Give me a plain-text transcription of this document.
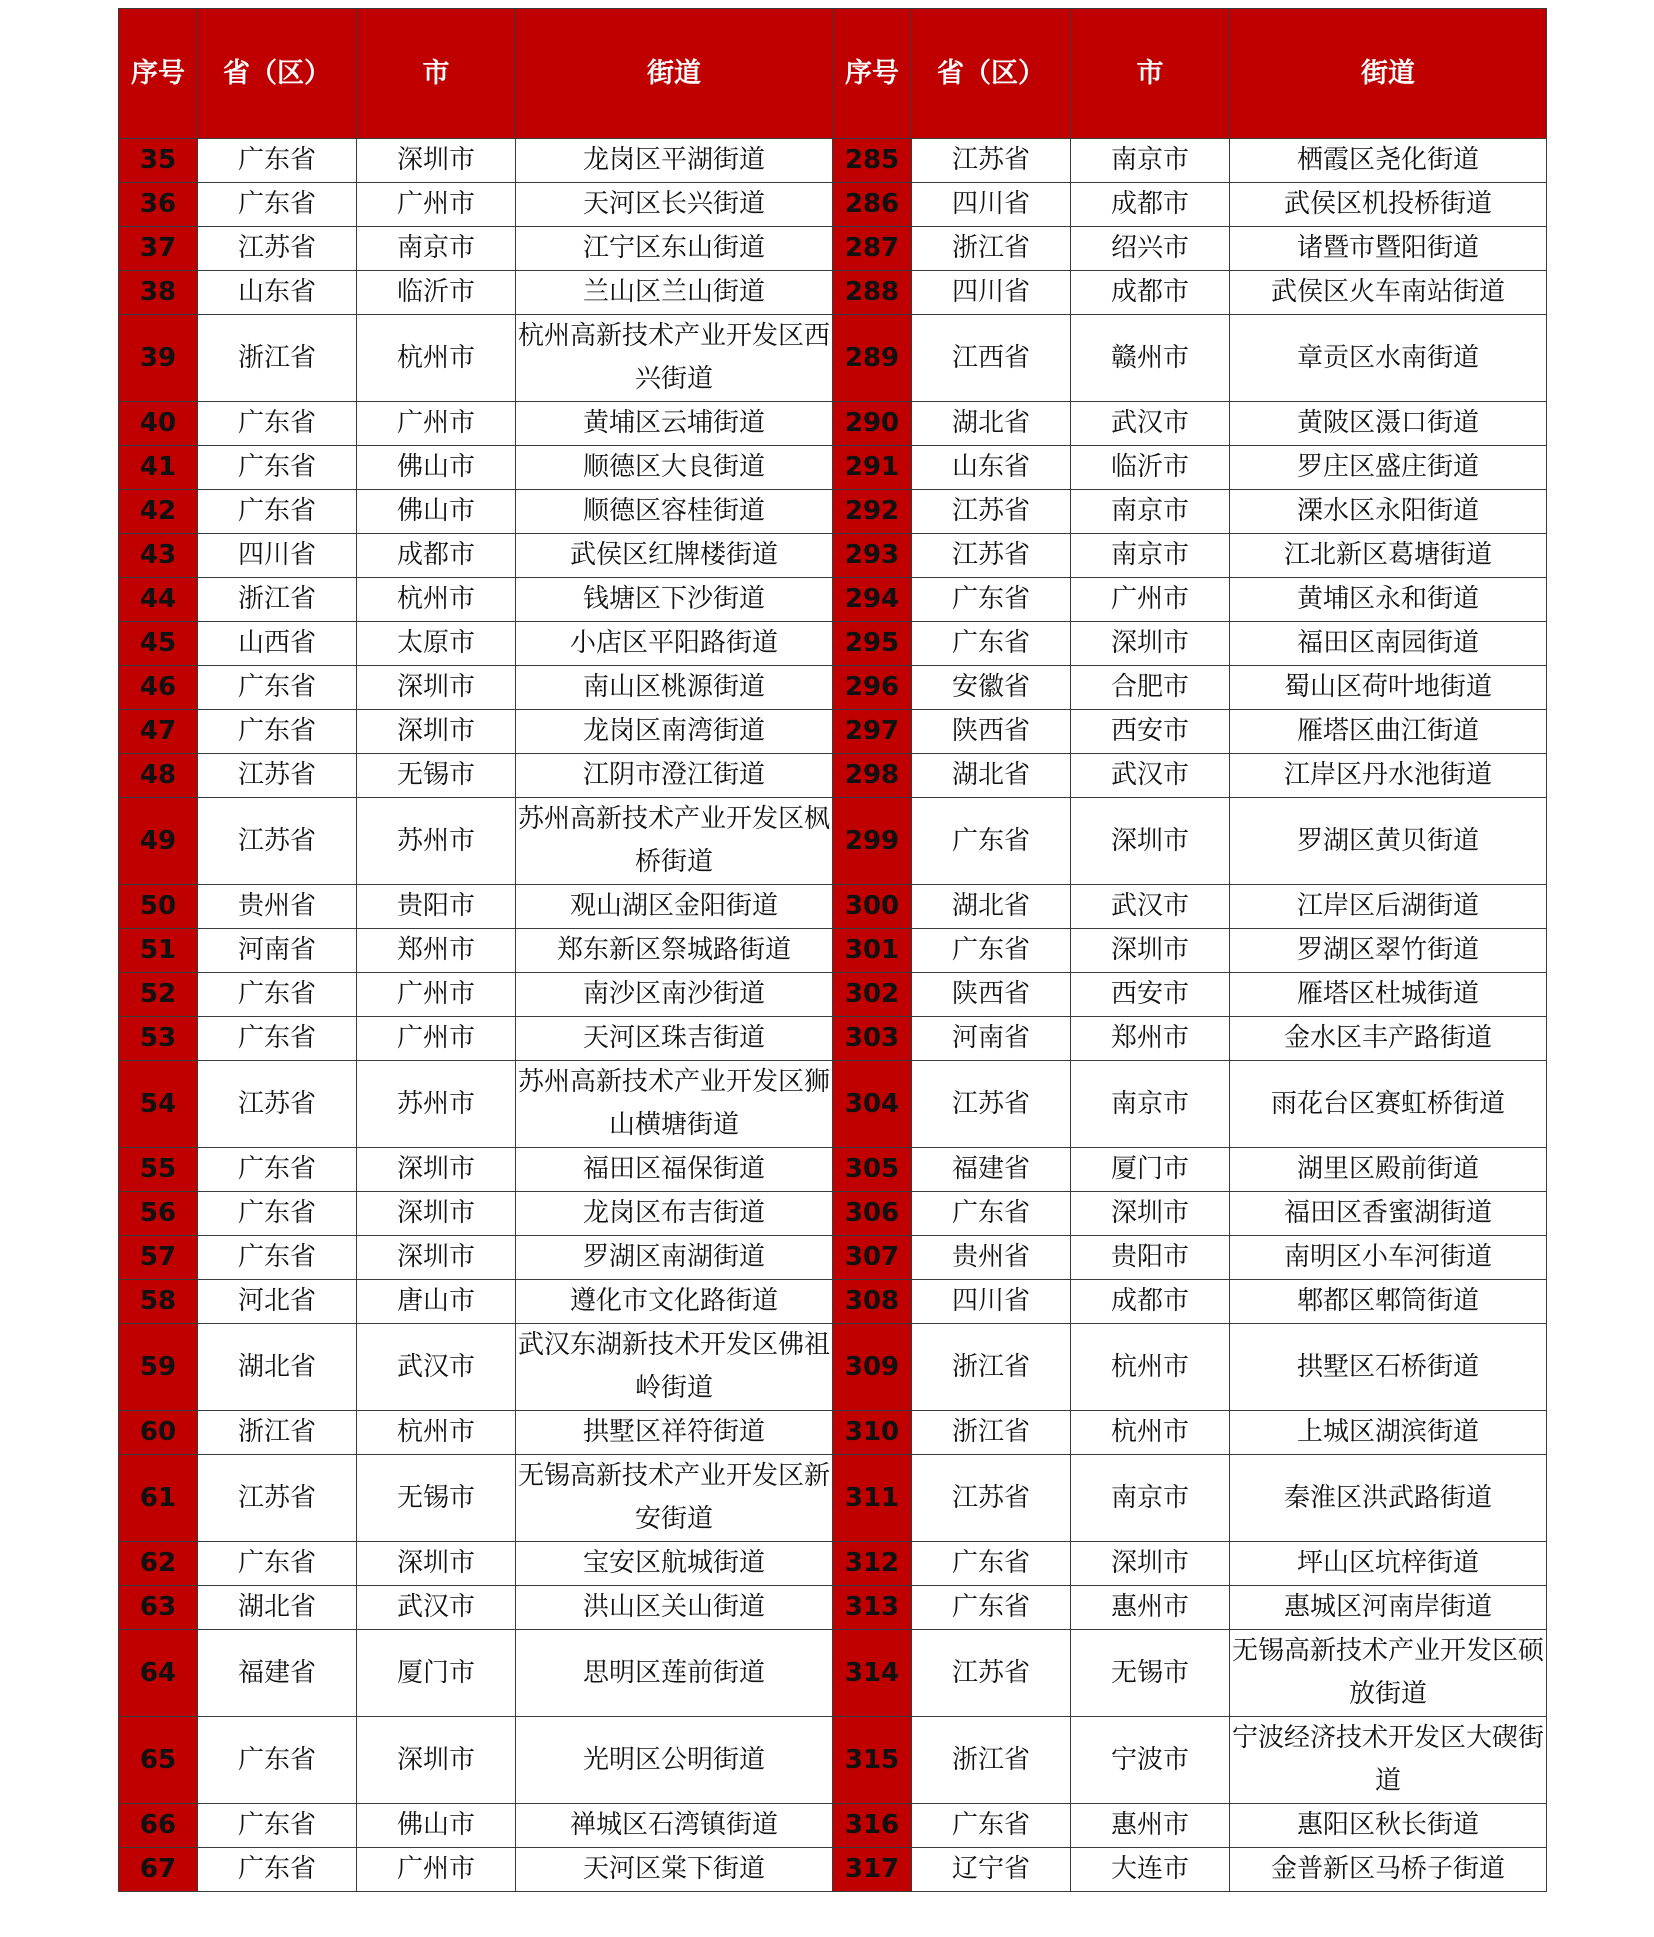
序号	省（区）	市	街道	序号	省（区）	市	街道
35	广东省	深圳市	龙岗区平湖街道	285	江苏省	南京市	栖霞区尧化街道
36	广东省	广州市	天河区长兴街道	286	四川省	成都市	武侯区机投桥街道
37	江苏省	南京市	江宁区东山街道	287	浙江省	绍兴市	诸暨市暨阳街道
38	山东省	临沂市	兰山区兰山街道	288	四川省	成都市	武侯区火车南站街道
39	浙江省	杭州市	杭州高新技术产业开发区西兴街道	289	江西省	赣州市	章贡区水南街道
40	广东省	广州市	黄埔区云埔街道	290	湖北省	武汉市	黄陂区滠口街道
41	广东省	佛山市	顺德区大良街道	291	山东省	临沂市	罗庄区盛庄街道
42	广东省	佛山市	顺德区容桂街道	292	江苏省	南京市	溧水区永阳街道
43	四川省	成都市	武侯区红牌楼街道	293	江苏省	南京市	江北新区葛塘街道
44	浙江省	杭州市	钱塘区下沙街道	294	广东省	广州市	黄埔区永和街道
45	山西省	太原市	小店区平阳路街道	295	广东省	深圳市	福田区南园街道
46	广东省	深圳市	南山区桃源街道	296	安徽省	合肥市	蜀山区荷叶地街道
47	广东省	深圳市	龙岗区南湾街道	297	陕西省	西安市	雁塔区曲江街道
48	江苏省	无锡市	江阴市澄江街道	298	湖北省	武汉市	江岸区丹水池街道
49	江苏省	苏州市	苏州高新技术产业开发区枫桥街道	299	广东省	深圳市	罗湖区黄贝街道
50	贵州省	贵阳市	观山湖区金阳街道	300	湖北省	武汉市	江岸区后湖街道
51	河南省	郑州市	郑东新区祭城路街道	301	广东省	深圳市	罗湖区翠竹街道
52	广东省	广州市	南沙区南沙街道	302	陕西省	西安市	雁塔区杜城街道
53	广东省	广州市	天河区珠吉街道	303	河南省	郑州市	金水区丰产路街道
54	江苏省	苏州市	苏州高新技术产业开发区狮山横塘街道	304	江苏省	南京市	雨花台区赛虹桥街道
55	广东省	深圳市	福田区福保街道	305	福建省	厦门市	湖里区殿前街道
56	广东省	深圳市	龙岗区布吉街道	306	广东省	深圳市	福田区香蜜湖街道
57	广东省	深圳市	罗湖区南湖街道	307	贵州省	贵阳市	南明区小车河街道
58	河北省	唐山市	遵化市文化路街道	308	四川省	成都市	郫都区郫筒街道
59	湖北省	武汉市	武汉东湖新技术开发区佛祖岭街道	309	浙江省	杭州市	拱墅区石桥街道
60	浙江省	杭州市	拱墅区祥符街道	310	浙江省	杭州市	上城区湖滨街道
61	江苏省	无锡市	无锡高新技术产业开发区新安街道	311	江苏省	南京市	秦淮区洪武路街道
62	广东省	深圳市	宝安区航城街道	312	广东省	深圳市	坪山区坑梓街道
63	湖北省	武汉市	洪山区关山街道	313	广东省	惠州市	惠城区河南岸街道
64	福建省	厦门市	思明区莲前街道	314	江苏省	无锡市	无锡高新技术产业开发区硕放街道
65	广东省	深圳市	光明区公明街道	315	浙江省	宁波市	宁波经济技术开发区大碶街道
66	广东省	佛山市	禅城区石湾镇街道	316	广东省	惠州市	惠阳区秋长街道
67	广东省	广州市	天河区棠下街道	317	辽宁省	大连市	金普新区马桥子街道
